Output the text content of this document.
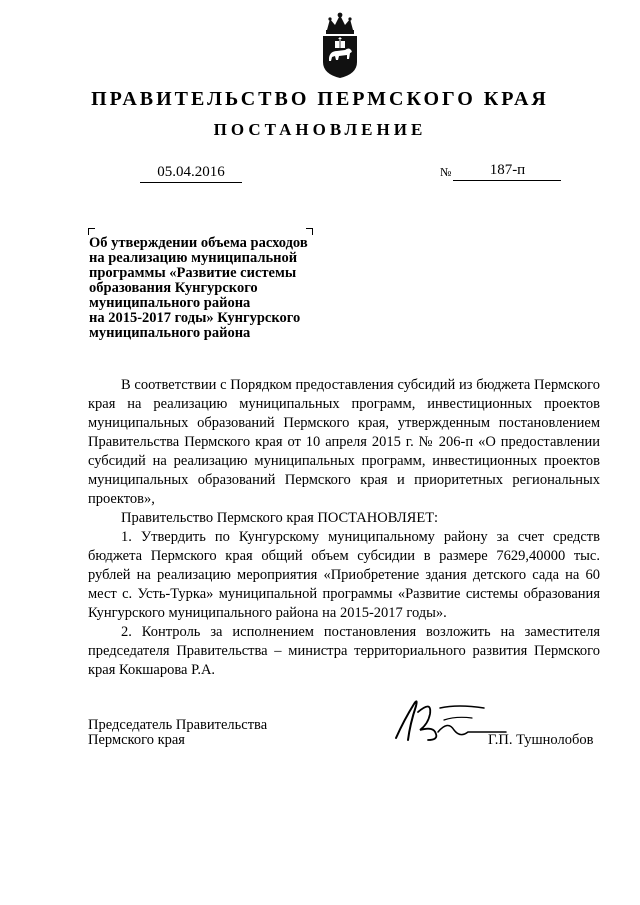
ПРАВИТЕЛЬСТВО ПЕРМСКОГО КРАЯ
ПОСТАНОВЛЕНИЕ
05.04.2016	№	187-п
Об утверждении объема расходов
на реализацию муниципальной
программы «Развитие системы
образования Кунгурского
муниципального района
на 2015-2017 годы» Кунгурского
муниципального района

В соответствии с Порядком предоставления субсидий из бюджета Пермского края на реализацию муниципальных программ, инвестиционных проектов муниципальных образований Пермского края, утвержденным постановлением Правительства Пермского края от 10 апреля 2015 г. № 206-п «О предоставлении субсидий на реализацию муниципальных программ, инвестиционных проектов муниципальных образований Пермского края и приоритетных региональных проектов»,

Правительство Пермского края ПОСТАНОВЛЯЕТ:

1. Утвердить по Кунгурскому муниципальному району за счет средств бюджета Пермского края общий объем субсидии в размере 7629,40000 тыс. рублей на реализацию мероприятия «Приобретение здания детского сада на 60 мест с. Усть-Турка» муниципальной программы «Развитие системы образования Кунгурского муниципального района на 2015-2017 годы».

2. Контроль за исполнением постановления возложить на заместителя председателя Правительства – министра территориального развития Пермского края Кокшарова Р.А.

Председатель Правительства
Пермского края	Г.П. Тушнолобов
